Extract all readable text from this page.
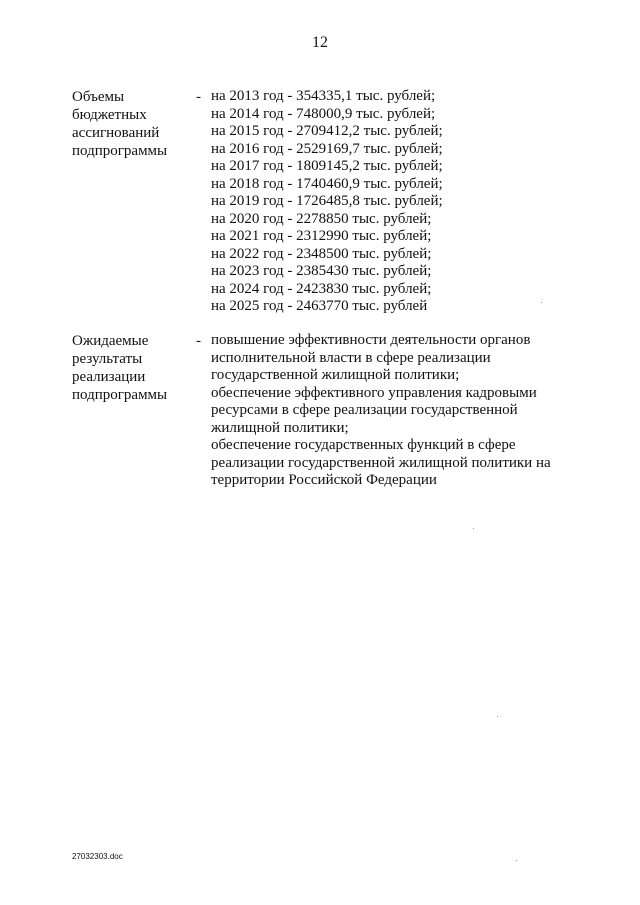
12
Объемы
бюджетных
ассигнований
подпрограммы
- на 2013 год - 354335,1 тыс. рублей;
на 2014 год - 748000,9 тыс. рублей;
на 2015 год - 2709412,2 тыс. рублей;
на 2016 год - 2529169,7 тыс. рублей;
на 2017 год - 1809145,2 тыс. рублей;
на 2018 год - 1740460,9 тыс. рублей;
на 2019 год - 1726485,8 тыс. рублей;
на 2020 год - 2278850 тыс. рублей;
на 2021 год - 2312990 тыс. рублей;
на 2022 год - 2348500 тыс. рублей;
на 2023 год - 2385430 тыс. рублей;
на 2024 год - 2423830 тыс. рублей;
на 2025 год - 2463770 тыс. рублей
Ожидаемые
результаты
реализации
подпрограммы
- повышение эффективности деятельности органов
исполнительной власти в сфере реализации
государственной жилищной политики;
обеспечение эффективного управления кадровыми
ресурсами в сфере реализации государственной
жилищной политики;
обеспечение государственных функций в сфере
реализации государственной жилищной политики на
территории Российской Федерации
27032303.doc
